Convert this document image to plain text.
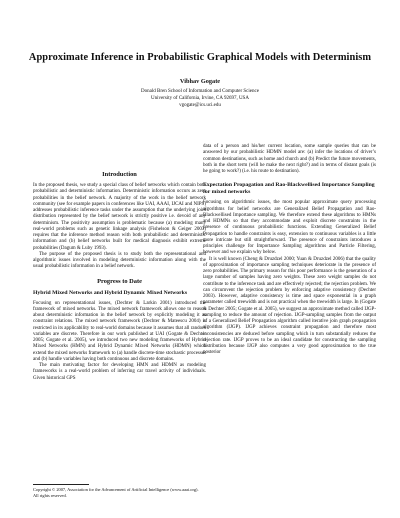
Approximate Inference in Probabilistic Graphical Models with Determinism
Vibhav Gogate
Donald Bren School of Information and Computer Science
University of California, Irvine, CA 92697, USA
vgogate@ics.uci.edu
Introduction

In the proposed thesis, we study a special class of belief networks which contain both probabilistic and deterministic information. Deterministic information occurs as zero probabilities in the belief network. A majority of the work in the belief network community (see for example papers in conferences like UAI, AAAI, IJCAI and NIPS) addresses probabilistic inference tasks under the assumption that the underlying joint distribution represented by the belief network is strictly positive i.e. devoid of any determinism. The positivity assumption is problematic because (a) modeling many real-world problems such as genetic linkage analysis (Fishelson & Geiger 2003) requires that the inference method reason with both probabilistic and deterministic information and (b) belief networks built for medical diagnosis exhibit extreme probabilities (Dagum & Luby 1993).

The purpose of the proposed thesis is to study both the representational and algorithmic issues involved in modeling deterministic information along with the usual probabilistic information in a belief network.

Progress to Date
Hybrid Mixed Networks and Hybrid Dynamic Mixed Networks

Focusing on representational issues, (Dechter & Larkin 2001) introduced the framework of mixed networks. The mixed network framework allows one to reason about deterministic information in the belief network by explicitly modeling it as constraint relations. The mixed network framework (Dechter & Mateescu 2004) is restricted in its applicability to real-world domains because it assumes that all random variables are discrete. Therefore in our work published at UAI (Gogate & Dechter 2005; Gogate et al. 2005), we introduced two new modeling frameworks of Hybrid Mixed Networks (HMN) and Hybrid Dynamic Mixed Networks (HDMN) which extend the mixed networks framework to (a) handle discrete-time stochastic processes and (b) handle variables having both continuous and discrete domains.

The main motivating factor for developing HMN and HDMN as modeling frameworks is a real-world problem of inferring car travel activity of individuals. Given historical GPS

Copyright © 2007, Association for the Advancement of Artificial Intelligence (www.aaai.org). All rights reserved.

data of a person and his/her current location, some sample queries that can be answered by our probabilistic HDMN model are: (a) infer the locations of driver’s common destinations, such as home and church and (b) Predict the future movements, both in the short term (will he make the next right?) and in terms of distant goals (is he going to work?) (i.e. his route to destination).

Expectation Propagation and Rao-Blackwellised Importance Sampling for mixed networks

Focusing on algorithmic issues, the most popular approximate query processing algorithms for belief networks are Generalized Belief Propagation and Rao-Blackwellised Importance sampling. We therefore extend these algorithms to HMNs and HDMNs so that they accommodate and exploit discrete constraints in the presence of continuous probabilistic functions. Extending Generalized Belief Propagation to handle constraints is easy, extension to continuous variables is a little more intricate but still straightforward. The presence of constraints introduces a principles challenge for Importance Sampling algorithms and Particle Filtering, however and we explain why below.

It is well known (Cheng & Druzdzel 2000; Yuan & Druzdzel 2006) that the quality of approximation of importance sampling techniques deteriorate in the presence of zero probabilities. The primary reason for this poor performance is the generation of a large number of samples having zero weights. These zero weight samples do not contribute to the inference task and are effectively rejected; the rejection problem. We can circumvent the rejection problem by enforcing adaptive consistency (Dechter 2003). However, adaptive consistency is time and space exponential in a graph parameter called treewidth and is not practical when the treewidth is large. In (Gogate & Dechter 2005; Gogate et al. 2005), we suggest an approximate method called IJGP-sampling to reduce the amount of rejection. IJGP-sampling samples from the output of a Generalized Belief Propagation algorithm called iterative join graph propagation algorithm (IJGP). IJGP achieves constraint propagation and therefore most inconsistencies are deduced before sampling which in turn substantially reduces the rejection rate. IJGP proves to be an ideal candidate for constructing the sampling distribution because IJGP also computes a very good approximation to the true posterior
